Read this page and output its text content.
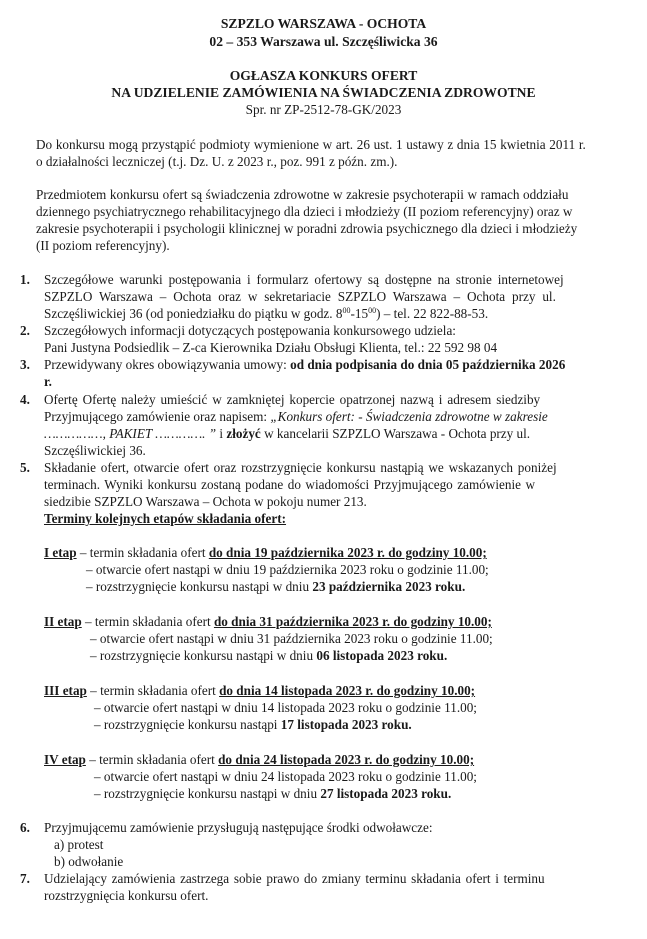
SZPZLO WARSZAWA - OCHOTA
02 – 353 Warszawa ul. Szczęśliwicka 36
OGŁASZA KONKURS OFERT
NA UDZIELENIE ZAMÓWIENIA NA ŚWIADCZENIA ZDROWOTNE
Spr. nr ZP-2512-78-GK/2023
Do konkursu mogą przystąpić podmioty wymienione w art. 26 ust. 1 ustawy z dnia 15 kwietnia 2011 r.
o działalności leczniczej (t.j. Dz. U. z 2023 r., poz. 991 z późn. zm.).
Przedmiotem konkursu ofert są świadczenia zdrowotne w zakresie psychoterapii w ramach oddziału
dziennego psychiatrycznego rehabilitacyjnego dla dzieci i młodzieży (II poziom referencyjny) oraz w
zakresie psychoterapii i psychologii klinicznej w poradni zdrowia psychicznego dla dzieci i młodzieży
(II poziom referencyjny).
1. Szczegółowe warunki postępowania i formularz ofertowy są dostępne na stronie internetowej
SZPZLO Warszawa – Ochota oraz w sekretariacie SZPZLO Warszawa – Ochota przy ul.
Szczęśliwickiej 36 (od poniedziałku do piątku w godz. $8^{00}-15^{00}$) – tel. 22 822-88-53.
2. Szczegółowych informacji dotyczących postępowania konkursowego udziela:
Pani Justyna Podsiedlik – Z-ca Kierownika Działu Obsługi Klienta, tel.: 22 592 98 04
3. Przewidywany okres obowiązywania umowy: od dnia podpisania do dnia 05 października 2026
r.
4. Ofertę Ofertę należy umieścić w zamkniętej kopercie opatrzonej nazwą i adresem siedziby
Przyjmującego zamówienie oraz napisem: „Konkurs ofert: - Świadczenia zdrowotne w zakresie
……………, PAKIET …………. ” i złożyć w kancelarii SZPZLO Warszawa - Ochota przy ul.
Szczęśliwickiej 36.
5. Składanie ofert, otwarcie ofert oraz rozstrzygnięcie konkursu nastąpią we wskazanych poniżej
terminach. Wyniki konkursu zostaną podane do wiadomości Przyjmującego zamówienie w
siedzibie SZPZLO Warszawa – Ochota w pokoju numer 213.
Terminy kolejnych etapów składania ofert:
I etap – termin składania ofert do dnia 19 października 2023 r. do godziny 10.00;
– otwarcie ofert nastąpi w dniu 19 października 2023 roku o godzinie 11.00;
– rozstrzygnięcie konkursu nastąpi w dniu 23 października 2023 roku.
II etap – termin składania ofert do dnia 31 października 2023 r. do godziny 10.00;
– otwarcie ofert nastąpi w dniu 31 października 2023 roku o godzinie 11.00;
– rozstrzygnięcie konkursu nastąpi w dniu 06 listopada 2023 roku.
III etap – termin składania ofert do dnia 14 listopada 2023 r. do godziny 10.00;
– otwarcie ofert nastąpi w dniu 14 listopada 2023 roku o godzinie 11.00;
– rozstrzygnięcie konkursu nastąpi 17 listopada 2023 roku.
IV etap – termin składania ofert do dnia 24 listopada 2023 r. do godziny 10.00;
– otwarcie ofert nastąpi w dniu 24 listopada 2023 roku o godzinie 11.00;
– rozstrzygnięcie konkursu nastąpi w dniu 27 listopada 2023 roku.
6. Przyjmującemu zamówienie przysługują następujące środki odwoławcze:
a) protest
b) odwołanie
7. Udzielający zamówienia zastrzega sobie prawo do zmiany terminu składania ofert i terminu
rozstrzygnięcia konkursu ofert.
